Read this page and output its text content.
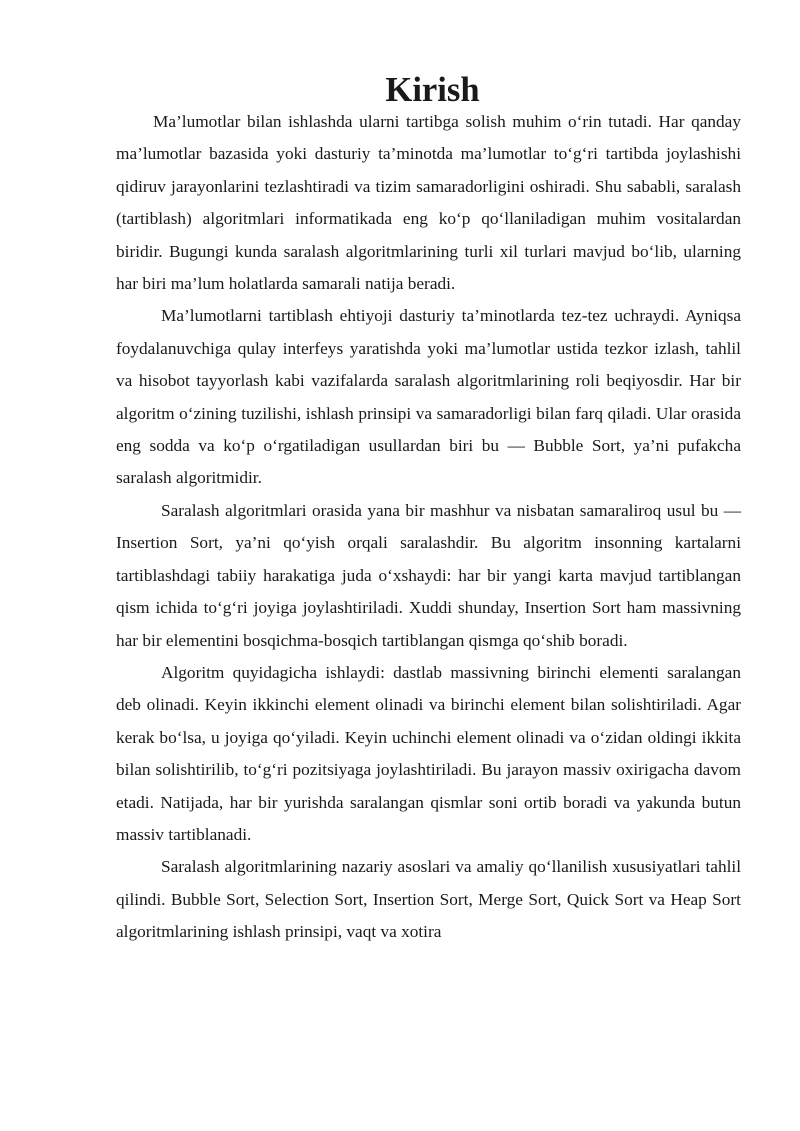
Kirish

Ma’lumotlar bilan ishlashda ularni tartibga solish muhim o‘rin tutadi. Har qanday ma’lumotlar bazasida yoki dasturiy ta’minotda ma’lumotlar to‘g‘ri tartibda joylashishi qidiruv jarayonlarini tezlashtiradi va tizim samaradorligini oshiradi. Shu sababli, saralash (tartiblash) algoritmlari informatikada eng ko‘p qo‘llaniladigan muhim vositalardan biridir. Bugungi kunda saralash algoritmlarining turli xil turlari mavjud bo‘lib, ularning har biri ma’lum holatlarda samarali natija beradi.

Ma’lumotlarni tartiblash ehtiyoji dasturiy ta’minotlarda tez-tez uchraydi. Ayniqsa foydalanuvchiga qulay interfeys yaratishda yoki ma’lumotlar ustida tezkor izlash, tahlil va hisobot tayyorlash kabi vazifalarda saralash algoritmlarining roli beqiyosdir. Har bir algoritm o‘zining tuzilishi, ishlash prinsipi va samaradorligi bilan farq qiladi. Ular orasida eng sodda va ko‘p o‘rgatiladigan usullardan biri bu — Bubble Sort, ya’ni pufakcha saralash algoritmidir.

Saralash algoritmlari orasida yana bir mashhur va nisbatan samaraliroq usul bu — Insertion Sort, ya’ni qo‘yish orqali saralashdir. Bu algoritm insonning kartalarni tartiblashdagi tabiiy harakatiga juda o‘xshaydi: har bir yangi karta mavjud tartiblangan qism ichida to‘g‘ri joyiga joylashtiriladi. Xuddi shunday, Insertion Sort ham massivning har bir elementini bosqichma-bosqich tartiblangan qismga qo‘shib boradi.

Algoritm quyidagicha ishlaydi: dastlab massivning birinchi elementi saralangan deb olinadi. Keyin ikkinchi element olinadi va birinchi element bilan solishtiriladi. Agar kerak bo‘lsa, u joyiga qo‘yiladi. Keyin uchinchi element olinadi va o‘zidan oldingi ikkita bilan solishtirilib, to‘g‘ri pozitsiyaga joylashtiriladi. Bu jarayon massiv oxirigacha davom etadi. Natijada, har bir yurishda saralangan qismlar soni ortib boradi va yakunda butun massiv tartiblanadi.

Saralash algoritmlarining nazariy asoslari va amaliy qo‘llanilish xususiyatlari tahlil qilindi. Bubble Sort, Selection Sort, Insertion Sort, Merge Sort, Quick Sort va Heap Sort algoritmlarining ishlash prinsipi, vaqt va xotira
